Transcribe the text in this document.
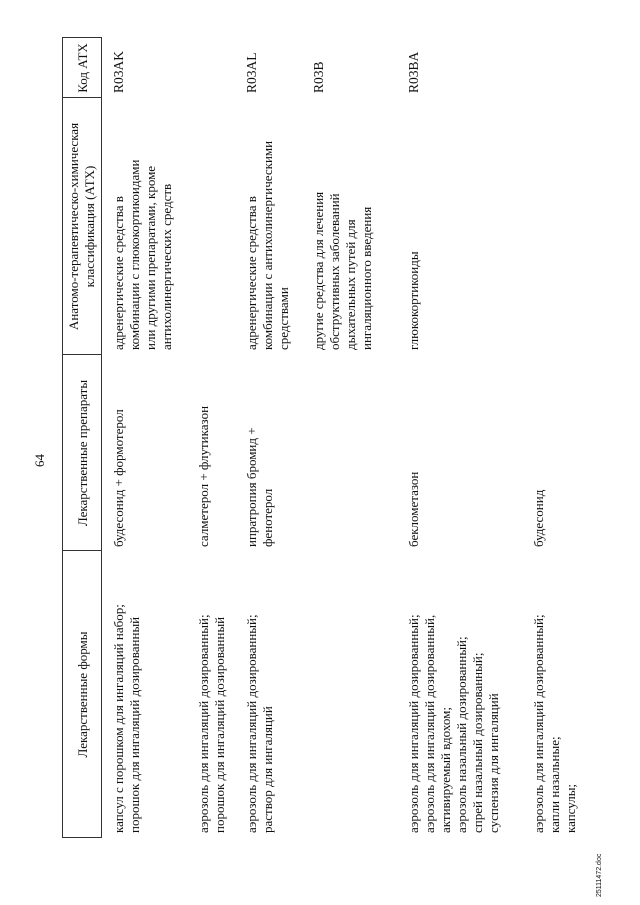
64
Код АТХ
Анатомо-терапевтическо-химическая классификация (АТХ)
Лекарственные препараты
Лекарственные формы
R03AK
адренергические средства в комбинации с глюкокортикоидами или другими препаратами, кроме антихолинергических средств
будесонид + формотерол
капсул с порошком для ингаляций набор; порошок для ингаляций дозированный
салметерол + флутиказон
аэрозоль для ингаляций дозированный; порошок для ингаляций дозированный
R03AL
адренергические средства в комбинации с антихолинергическими средствами
ипратропия бромид + фенотерол
аэрозоль для ингаляций дозированный; раствор для ингаляций
R03B
другие средства для лечения обструктивных заболеваний дыхательных путей для ингаляционного введения
R03BA
глюкокортикоиды
беклометазон
аэрозоль для ингаляций дозированный; аэрозоль для ингаляций дозированный, активируемый вдохом; аэрозоль назальный дозированный; спрей назальный дозированный; суспензия для ингаляций
будесонид
аэрозоль для ингаляций дозированный; капли назальные; капсулы;
25111472.doc
